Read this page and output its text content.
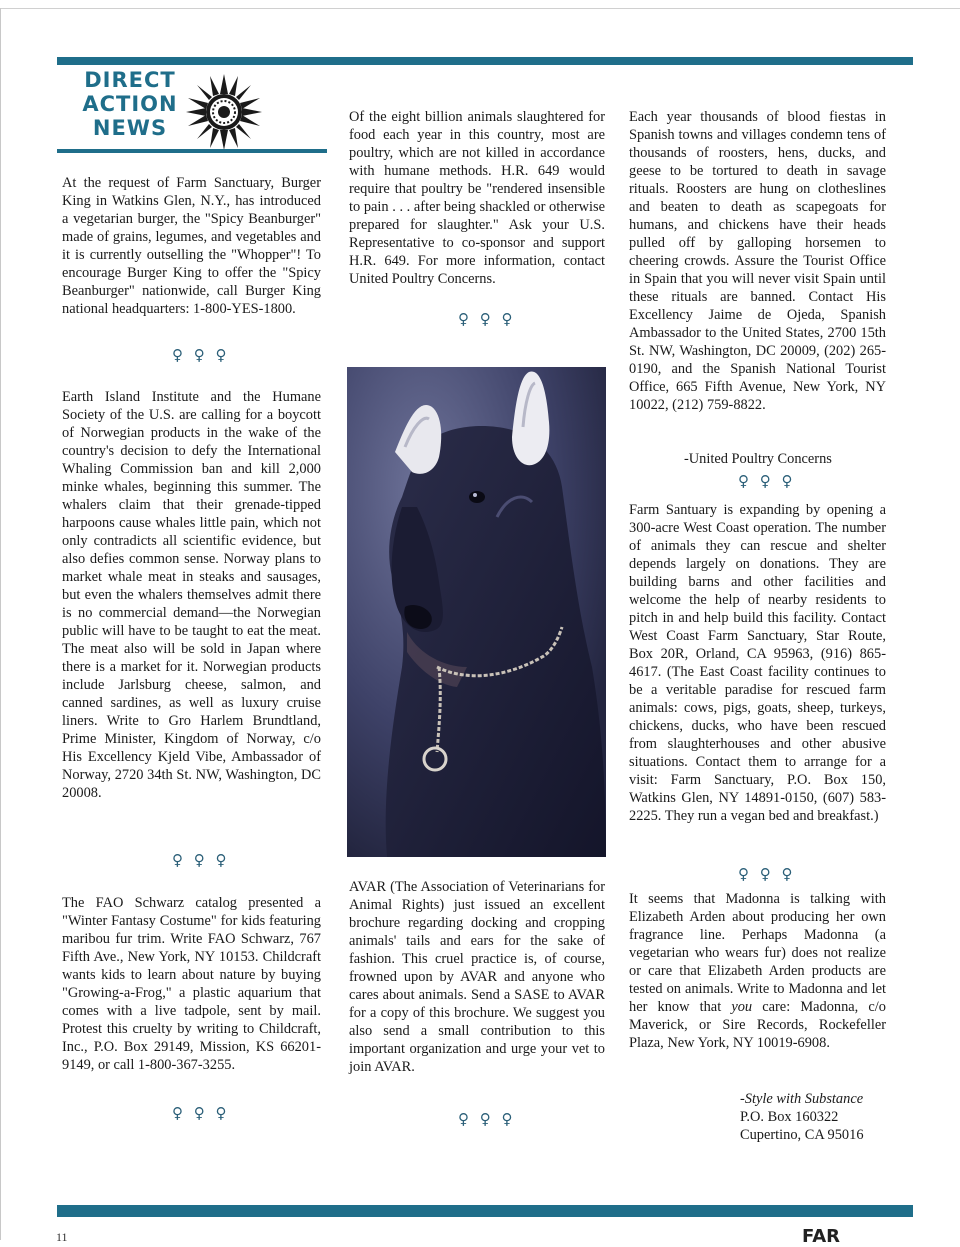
DIRECT
ACTION
NEWS

At the request of Farm Sanctuary, Burger King in Watkins Glen, N.Y., has introduced a vegetarian burger, the "Spicy Beanburger" made of grains, legumes, and vegetables and it is currently outselling the "Whopper"! To encourage Burger King to offer the "Spicy Beanburger" nationwide, call Burger King national headquarters: 1-800-YES-1800.

♀ ♀ ♀

Earth Island Institute and the Humane Society of the U.S. are calling for a boycott of Norwegian products in the wake of the country's decision to defy the International Whaling Commission ban and kill 2,000 minke whales, beginning this summer. The whalers claim that their grenade-tipped harpoons cause whales little pain, which not only contradicts all scientific evidence, but also defies common sense. Norway plans to market whale meat in steaks and sausages, but even the whalers themselves admit there is no commercial demand—the Norwegian public will have to be taught to eat the meat. The meat also will be sold in Japan where there is a market for it. Norwegian products include Jarlsburg cheese, salmon, and canned sardines, as well as luxury cruise liners. Write to Gro Harlem Brundtland, Prime Minister, Kingdom of Norway, c/o His Excellency Kjeld Vibe, Ambassador of Norway, 2720 34th St. NW, Washington, DC 20008.

♀ ♀ ♀

The FAO Schwarz catalog presented a "Winter Fantasy Costume" for kids featuring maribou fur trim. Write FAO Schwarz, 767 Fifth Ave., New York, NY 10153. Childcraft wants kids to learn about nature by buying "Growing-a-Frog," a plastic aquarium that comes with a live tadpole, sent by mail. Protest this cruelty by writing to Childcraft, Inc., P.O. Box 29149, Mission, KS 66201-9149, or call 1-800-367-3255.

♀ ♀ ♀

Of the eight billion animals slaughtered for food each year in this country, most are poultry, which are not killed in accordance with humane methods. H.R. 649 would require that poultry be "rendered insensible to pain . . . after being shackled or otherwise prepared for slaughter." Ask your U.S. Representative to co-sponsor and support H.R. 649. For more information, contact United Poultry Concerns.

♀ ♀ ♀

AVAR (The Association of Veterinarians for Animal Rights) just issued an excellent brochure regarding docking and cropping animals' tails and ears for the sake of fashion. This cruel practice is, of course, frowned upon by AVAR and anyone who cares about animals. Send a SASE to AVAR for a copy of this brochure. We suggest you also send a small contribution to this important organization and urge your vet to join AVAR.

♀ ♀ ♀

Each year thousands of blood fiestas in Spanish towns and villages condemn tens of thousands of roosters, hens, ducks, and geese to be tortured to death in savage rituals. Roosters are hung on clotheslines and beaten to death as scapegoats for humans, and chickens have their heads pulled off by galloping horsemen to cheering crowds. Assure the Tourist Office in Spain that you will never visit Spain until these rituals are banned. Contact His Excellency Jaime de Ojeda, Spanish Ambassador to the United States, 2700 15th St. NW, Washington, DC 20009, (202) 265-0190, and the Spanish National Tourist Office, 665 Fifth Avenue, New York, NY 10022, (212) 759-8822.

-United Poultry Concerns
♀ ♀ ♀

Farm Santuary is expanding by opening a 300-acre West Coast operation. The number of animals they can rescue and shelter depends largely on donations. They are building barns and other facilities and welcome the help of nearby residents to pitch in and help build this facility. Contact West Coast Farm Sanctuary, Star Route, Box 20R, Orland, CA 95963, (916) 865-4617. (The East Coast facility continues to be a veritable paradise for rescued farm animals: cows, pigs, goats, sheep, turkeys, chickens, ducks, who have been rescued from slaughterhouses and other abusive situations. Contact them to arrange for a visit: Farm Sanctuary, P.O. Box 150, Watkins Glen, NY 14891-0150, (607) 583-2225. They run a vegan bed and breakfast.)

♀ ♀ ♀

It seems that Madonna is talking with Elizabeth Arden about producing her own fragrance line. Perhaps Madonna (a vegetarian who wears fur) does not realize or care that Elizabeth Arden products are tested on animals. Write to Madonna and let her know that you care: Madonna, c/o Maverick, or Sire Records, Rockefeller Plaza, New York, NY 10019-6908.

-Style with Substance
P.O. Box 160322
Cupertino, CA 95016
11	FAR
